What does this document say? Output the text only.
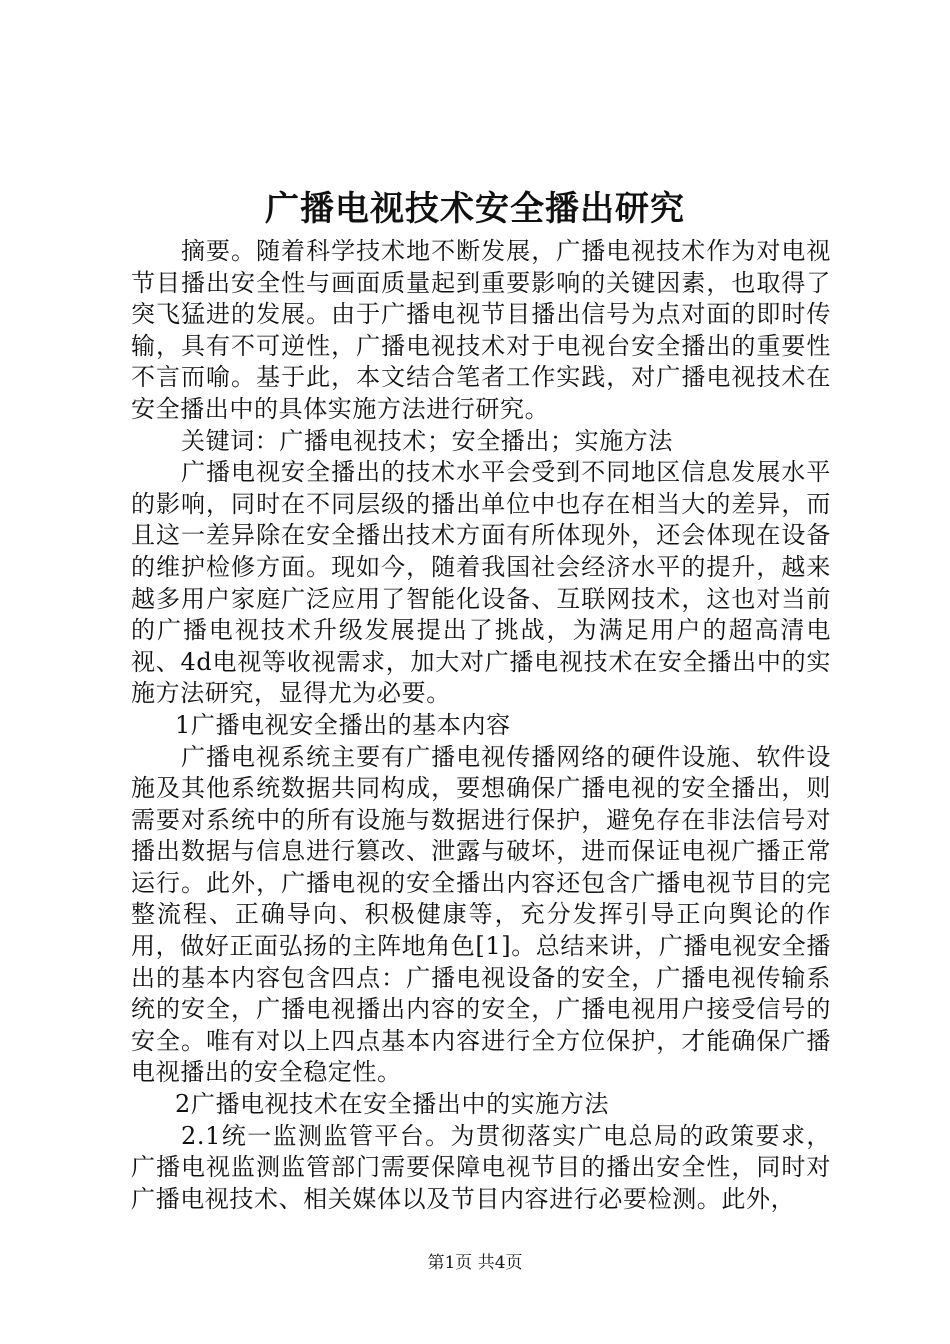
广播电视技术安全播出研究

摘要。随着科学技术地不断发展，广播电视技术作为对电视节目播出安全性与画面质量起到重要影响的关键因素，也取得了突飞猛进的发展。由于广播电视节目播出信号为点对面的即时传输，具有不可逆性，广播电视技术对于电视台安全播出的重要性不言而喻。基于此，本文结合笔者工作实践，对广播电视技术在安全播出中的具体实施方法进行研究。

关键词：广播电视技术；安全播出；实施方法

广播电视安全播出的技术水平会受到不同地区信息发展水平的影响，同时在不同层级的播出单位中也存在相当大的差异，而且这一差异除在安全播出技术方面有所体现外，还会体现在设备的维护检修方面。现如今，随着我国社会经济水平的提升，越来越多用户家庭广泛应用了智能化设备、互联网技术，这也对当前的广播电视技术升级发展提出了挑战，为满足用户的超高清电视、4d电视等收视需求，加大对广播电视技术在安全播出中的实施方法研究，显得尤为必要。

1广播电视安全播出的基本内容

广播电视系统主要有广播电视传播网络的硬件设施、软件设施及其他系统数据共同构成，要想确保广播电视的安全播出，则需要对系统中的所有设施与数据进行保护，避免存在非法信号对播出数据与信息进行篡改、泄露与破坏，进而保证电视广播正常运行。此外，广播电视的安全播出内容还包含广播电视节目的完整流程、正确导向、积极健康等，充分发挥引导正向舆论的作用，做好正面弘扬的主阵地角色[1]。总结来讲，广播电视安全播出的基本内容包含四点：广播电视设备的安全，广播电视传输系统的安全，广播电视播出内容的安全，广播电视用户接受信号的安全。唯有对以上四点基本内容进行全方位保护，才能确保广播电视播出的安全稳定性。

2广播电视技术在安全播出中的实施方法

2.1统一监测监管平台。为贯彻落实广电总局的政策要求，广播电视监测监管部门需要保障电视节目的播出安全性，同时对广播电视技术、相关媒体以及节目内容进行必要检测。此外，

第1页 共4页
